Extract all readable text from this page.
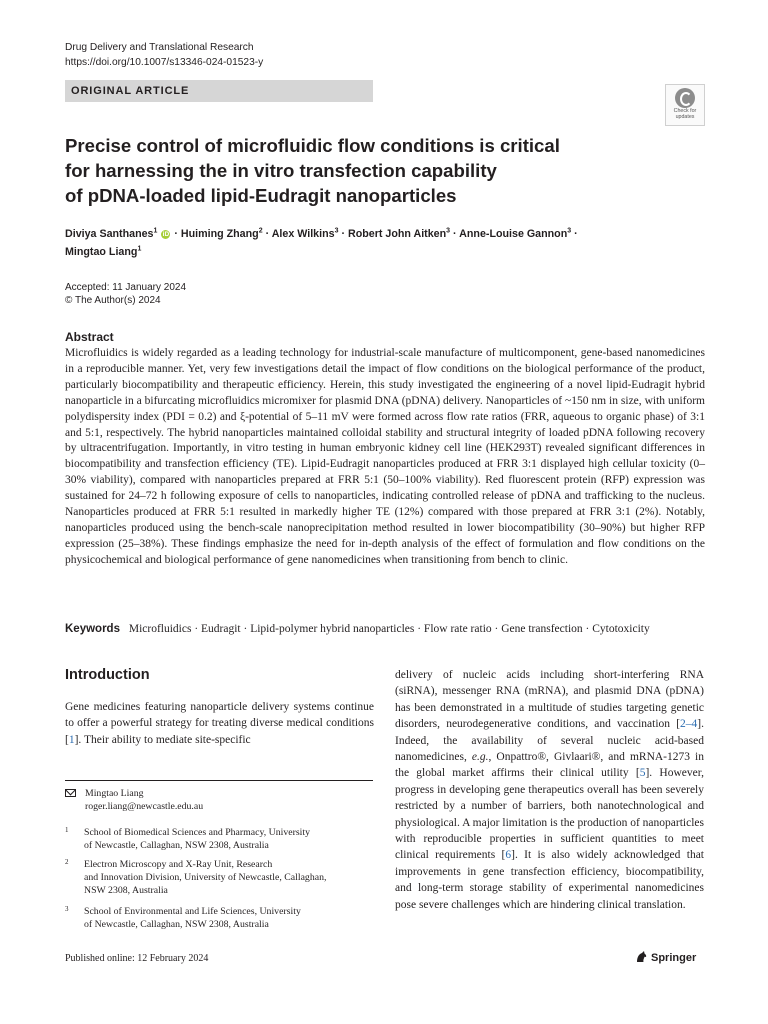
Drug Delivery and Translational Research
https://doi.org/10.1007/s13346-024-01523-y
ORIGINAL ARTICLE
Check for
updates
Precise control of microfluidic flow conditions is critical
for harnessing the in vitro transfection capability
of pDNA-loaded lipid-Eudragit nanoparticles
Diviya Santhanes$^1$ iD · Huiming Zhang$^2$ · Alex Wilkins$^3$ · Robert John Aitken$^3$ · Anne-Louise Gannon$^3$ ·
Mingtao Liang$^1$
Accepted: 11 January 2024
© The Author(s) 2024
Abstract

Microfluidics is widely regarded as a leading technology for industrial-scale manufacture of multicomponent, gene-based nanomedicines in a reproducible manner. Yet, very few investigations detail the impact of flow conditions on the biological performance of the product, particularly biocompatibility and therapeutic efficiency. Herein, this study investigated the engineering of a novel lipid-Eudragit hybrid nanoparticle in a bifurcating microfluidics micromixer for plasmid DNA (pDNA) delivery. Nanoparticles of ~150 nm in size, with uniform polydispersity index (PDI = 0.2) and ξ-potential of 5–11 mV were formed across flow rate ratios (FRR, aqueous to organic phase) of 3:1 and 5:1, respectively. The hybrid nanoparticles maintained colloidal stability and structural integrity of loaded pDNA following recovery by ultracentrifugation. Importantly, in vitro testing in human embryonic kidney cell line (HEK293T) revealed significant differences in biocompatibility and transfection efficiency (TE). Lipid-Eudragit nanoparticles produced at FRR 3:1 displayed high cellular toxicity (0–30% viability), compared with nanoparticles prepared at FRR 5:1 (50–100% viability). Red fluorescent protein (RFP) expression was sustained for 24–72 h following exposure of cells to nanoparticles, indicating controlled release of pDNA and trafficking to the nucleus. Nanoparticles produced at FRR 5:1 resulted in markedly higher TE (12%) compared with those prepared at FRR 3:1 (2%). Notably, nanoparticles produced using the bench-scale nanoprecipitation method resulted in lower biocompatibility (30–90%) but higher RFP expression (25–38%). These findings emphasize the need for in-depth analysis of the effect of formulation and flow conditions on the physicochemical and biological performance of gene nanomedicines when transitioning from bench to clinic.

Keywords Microfluidics · Eudragit · Lipid-polymer hybrid nanoparticles · Flow rate ratio · Gene transfection · Cytotoxicity
Introduction

Gene medicines featuring nanoparticle delivery systems continue to offer a powerful strategy for treating diverse medical conditions [1]. Their ability to mediate site-specific

Mingtao Liang
roger.liang@newcastle.edu.au
1 School of Biomedical Sciences and Pharmacy, University
of Newcastle, Callaghan, NSW 2308, Australia
2 Electron Microscopy and X-Ray Unit, Research
and Innovation Division, University of Newcastle, Callaghan,
NSW 2308, Australia
3 School of Environmental and Life Sciences, University
of Newcastle, Callaghan, NSW 2308, Australia

delivery of nucleic acids including short-interfering RNA (siRNA), messenger RNA (mRNA), and plasmid DNA (pDNA) has been demonstrated in a multitude of studies targeting genetic disorders, neurodegenerative conditions, and vaccination [2–4]. Indeed, the availability of several nucleic acid-based nanomedicines, e.g., Onpattro®, Givlaari®, and mRNA-1273 in the global market affirms their clinical utility [5]. However, progress in developing gene therapeutics overall has been severely restricted by a number of barriers, both nanotechnological and physiological. A major limitation is the production of nanoparticles with reproducible properties in sufficient quantities to meet clinical requirements [6]. It is also widely acknowledged that improvements in gene transfection efficiency, biocompatibility, and long-term storage stability of experimental nanomedicines pose severe challenges which are hindering clinical translation.

Published online: 12 February 2024	Springer
